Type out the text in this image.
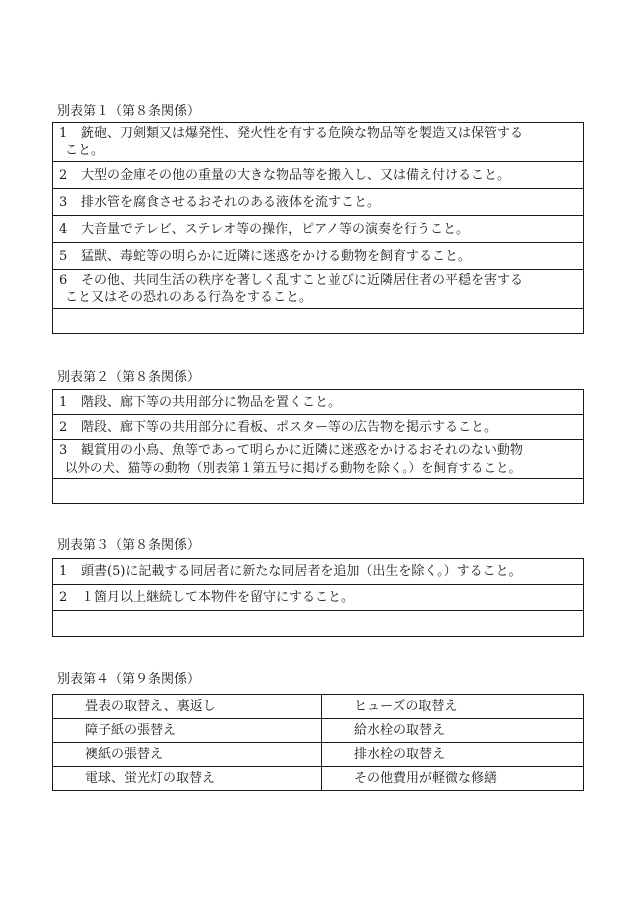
別表第１（第８条関係）
1	銃砲、刀剣類又は爆発性、発火性を有する危険な物品等を製造又は保管する
こと。

2	大型の金庫その他の重量の大きな物品等を搬入し、又は備え付けること。

3	排水管を腐食させるおそれのある液体を流すこと。

4	大音量でテレビ、ステレオ等の操作，ピアノ等の演奏を行うこと。

5	猛獣、毒蛇等の明らかに近隣に迷惑をかける動物を飼育すること。

6	その他、共同生活の秩序を著しく乱すこと並びに近隣居住者の平穏を害する
こと又はその恐れのある行為をすること。

別表第２（第８条関係）
1	階段、廊下等の共用部分に物品を置くこと。

2	階段、廊下等の共用部分に看板、ポスター等の広告物を掲示すること。

3	観賞用の小鳥、魚等であって明らかに近隣に迷惑をかけるおそれのない動物
以外の犬、猫等の動物（別表第１第五号に掲げる動物を除く。）を飼育すること。

別表第３（第８条関係）
1	頭書(5)に記載する同居者に新たな同居者を追加（出生を除く。）すること。

2	１箇月以上継続して本物件を留守にすること。

別表第４（第９条関係）
畳表の取替え、裏返し	ヒューズの取替え
障子紙の張替え	給水栓の取替え
襖紙の張替え	排水栓の取替え
電球、蛍光灯の取替え	その他費用が軽微な修繕
